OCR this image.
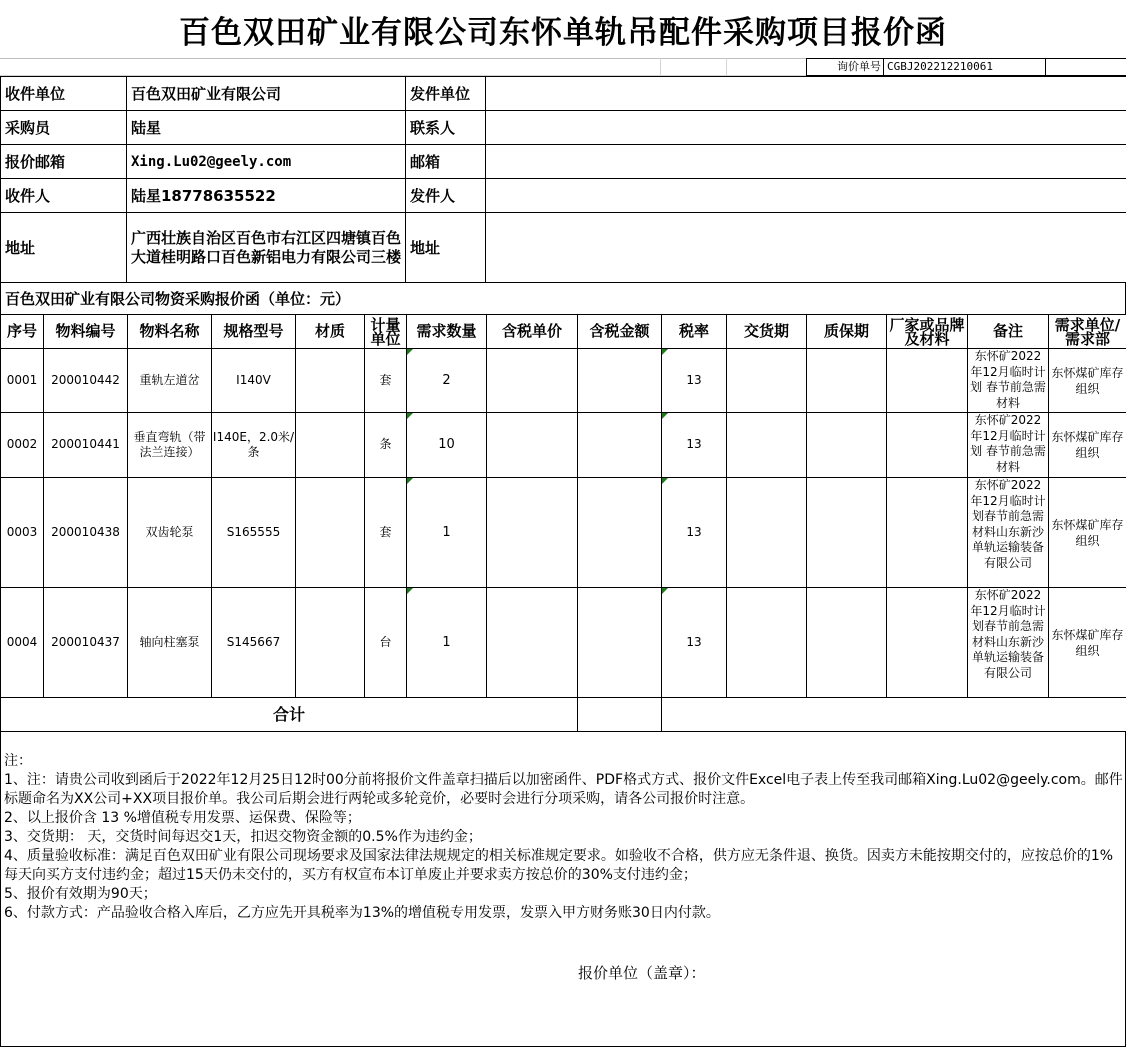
百色双田矿业有限公司东怀单轨吊配件采购项目报价函
询价单号 CGBJ202212210061
收件单位	百色双田矿业有限公司	发件单位	
采购员	陆星	联系人	
报价邮箱	Xing.Lu02@geely.com	邮箱	
收件人	陆星18778635522	发件人	
地址	广西壮族自治区百色市右江区四塘镇百色大道桂明路口百色新铝电力有限公司三楼	地址	
百色双田矿业有限公司物资采购报价函（单位：元）
序号	物料编号	物料名称	规格型号	材质	计量单位	需求数量	含税单价	含税金额	税率	交货期	质保期	厂家或品牌及材料	备注	需求单位/需求部
0001	200010442	重轨左道岔	I140V		套	2			13				东怀矿2022年12月临时计划 春节前急需材料	东怀煤矿库存组织
0002	200010441	垂直弯轨（带法兰连接）	I140E，2.0米/条		条	10			13				东怀矿2022年12月临时计划 春节前急需材料	东怀煤矿库存组织
0003	200010438	双齿轮泵	S165555		套	1			13				东怀矿2022年12月临时计划春节前急需材料山东新沙单轨运输装备有限公司	东怀煤矿库存组织
0004	200010437	轴向柱塞泵	S145667		台	1			13				东怀矿2022年12月临时计划春节前急需材料山东新沙单轨运输装备有限公司	东怀煤矿库存组织
合计														
注：
1、注：请贵公司收到函后于2022年12月25日12时00分前将报价文件盖章扫描后以加密函件、PDF格式方式、报价文件Excel电子表上传至我司邮箱Xing.Lu02@geely.com。邮件标题命名为XX公司+XX项目报价单。我公司后期会进行两轮或多轮竞价，必要时会进行分项采购，请各公司报价时注意。
2、以上报价含 13 %增值税专用发票、运保费、保险等；
3、交货期： 天，交货时间每迟交1天，扣迟交物资金额的0.5%作为违约金；
4、质量验收标准：满足百色双田矿业有限公司现场要求及国家法律法规规定的相关标准规定要求。如验收不合格，供方应无条件退、换货。因卖方未能按期交付的，应按总价的1% 每天向买方支付违约金；超过15天仍未交付的，买方有权宣布本订单废止并要求卖方按总价的30%支付违约金；
5、报价有效期为90天；
6、付款方式：产品验收合格入库后，乙方应先开具税率为13%的增值税专用发票，发票入甲方财务账30日内付款。
报价单位（盖章）：
